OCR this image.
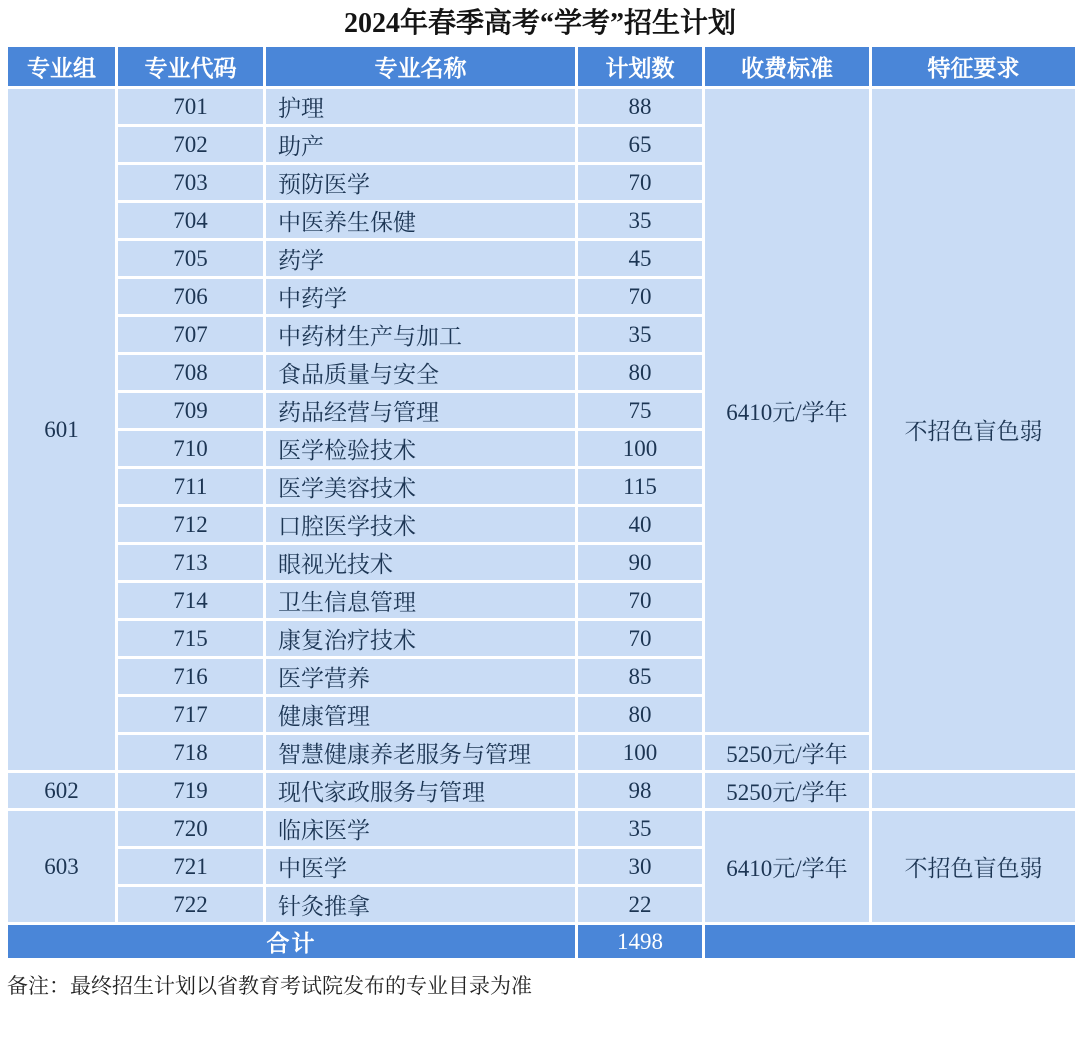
2024年春季高考“学考”招生计划
专业组	专业代码	专业名称	计划数	收费标准	特征要求
601	701	护理	88	6410元/学年	不招色盲色弱
	702	助产	65		
	703	预防医学	70		
	704	中医养生保健	35		
	705	药学	45		
	706	中药学	70		
	707	中药材生产与加工	35		
	708	食品质量与安全	80		
	709	药品经营与管理	75		
	710	医学检验技术	100		
	711	医学美容技术	115		
	712	口腔医学技术	40		
	713	眼视光技术	90		
	714	卫生信息管理	70		
	715	康复治疗技术	70		
	716	医学营养	85		
	717	健康管理	80		
	718	智慧健康养老服务与管理	100	5250元/学年	
602	719	现代家政服务与管理	98	5250元/学年	
603	720	临床医学	35	6410元/学年	不招色盲色弱
	721	中医学	30		
	722	针灸推拿	22		
合计			1498		
备注：最终招生计划以省教育考试院发布的专业目录为准
